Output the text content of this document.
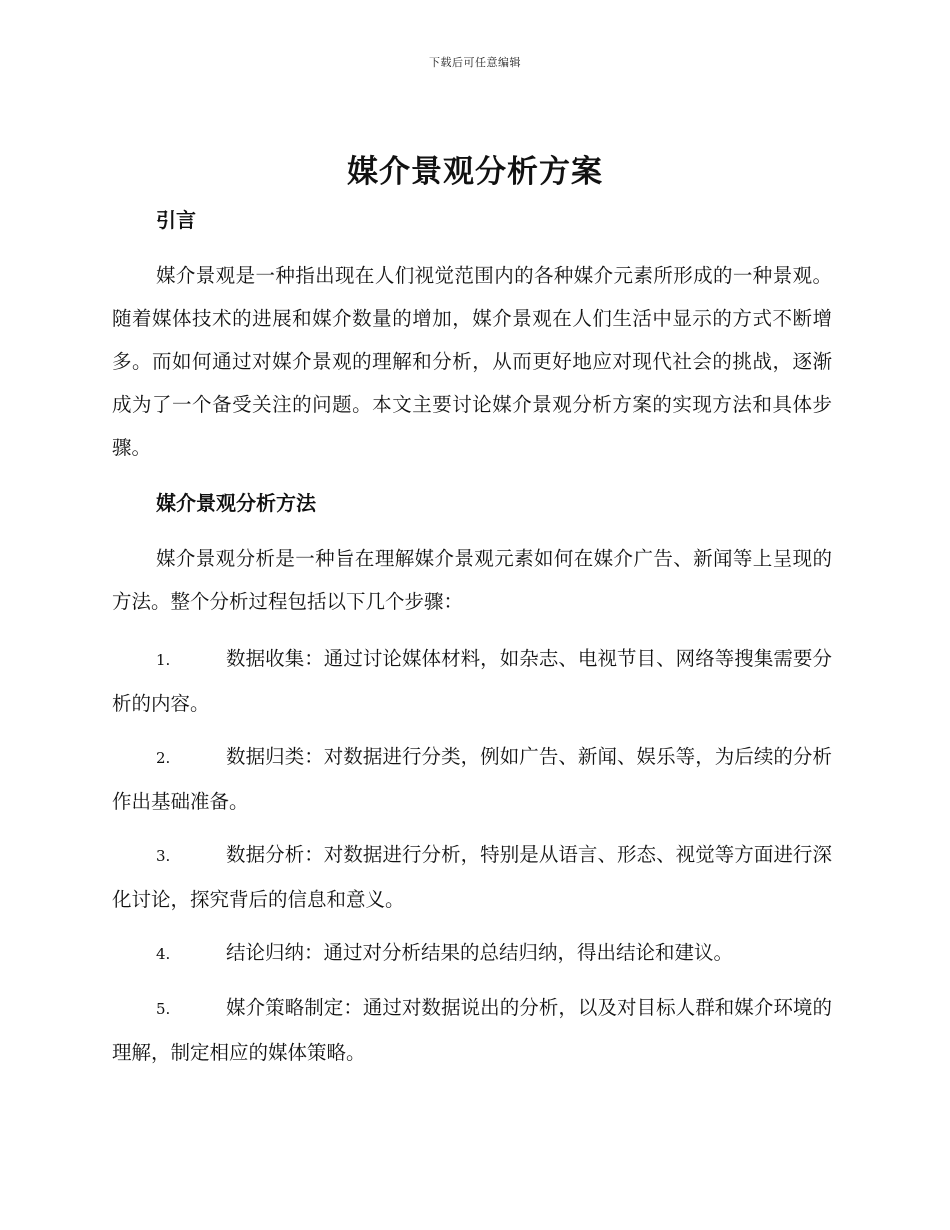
下载后可任意编辑
媒介景观分析方案
引言

媒介景观是一种指出现在人们视觉范围内的各种媒介元素所形成的一种景观。随着媒体技术的进展和媒介数量的增加，媒介景观在人们生活中显示的方式不断增多。而如何通过对媒介景观的理解和分析，从而更好地应对现代社会的挑战，逐渐成为了一个备受关注的问题。本文主要讨论媒介景观分析方案的实现方法和具体步骤。

媒介景观分析方法

媒介景观分析是一种旨在理解媒介景观元素如何在媒介广告、新闻等上呈现的方法。整个分析过程包括以下几个步骤：

1.	数据收集：通过讨论媒体材料，如杂志、电视节目、网络等搜集需要分析的内容。

2.	数据归类：对数据进行分类，例如广告、新闻、娱乐等，为后续的分析作出基础准备。

3.	数据分析：对数据进行分析，特别是从语言、形态、视觉等方面进行深化讨论，探究背后的信息和意义。

4.	结论归纳：通过对分析结果的总结归纳，得出结论和建议。

5.	媒介策略制定：通过对数据说出的分析，以及对目标人群和媒介环境的理解，制定相应的媒体策略。
